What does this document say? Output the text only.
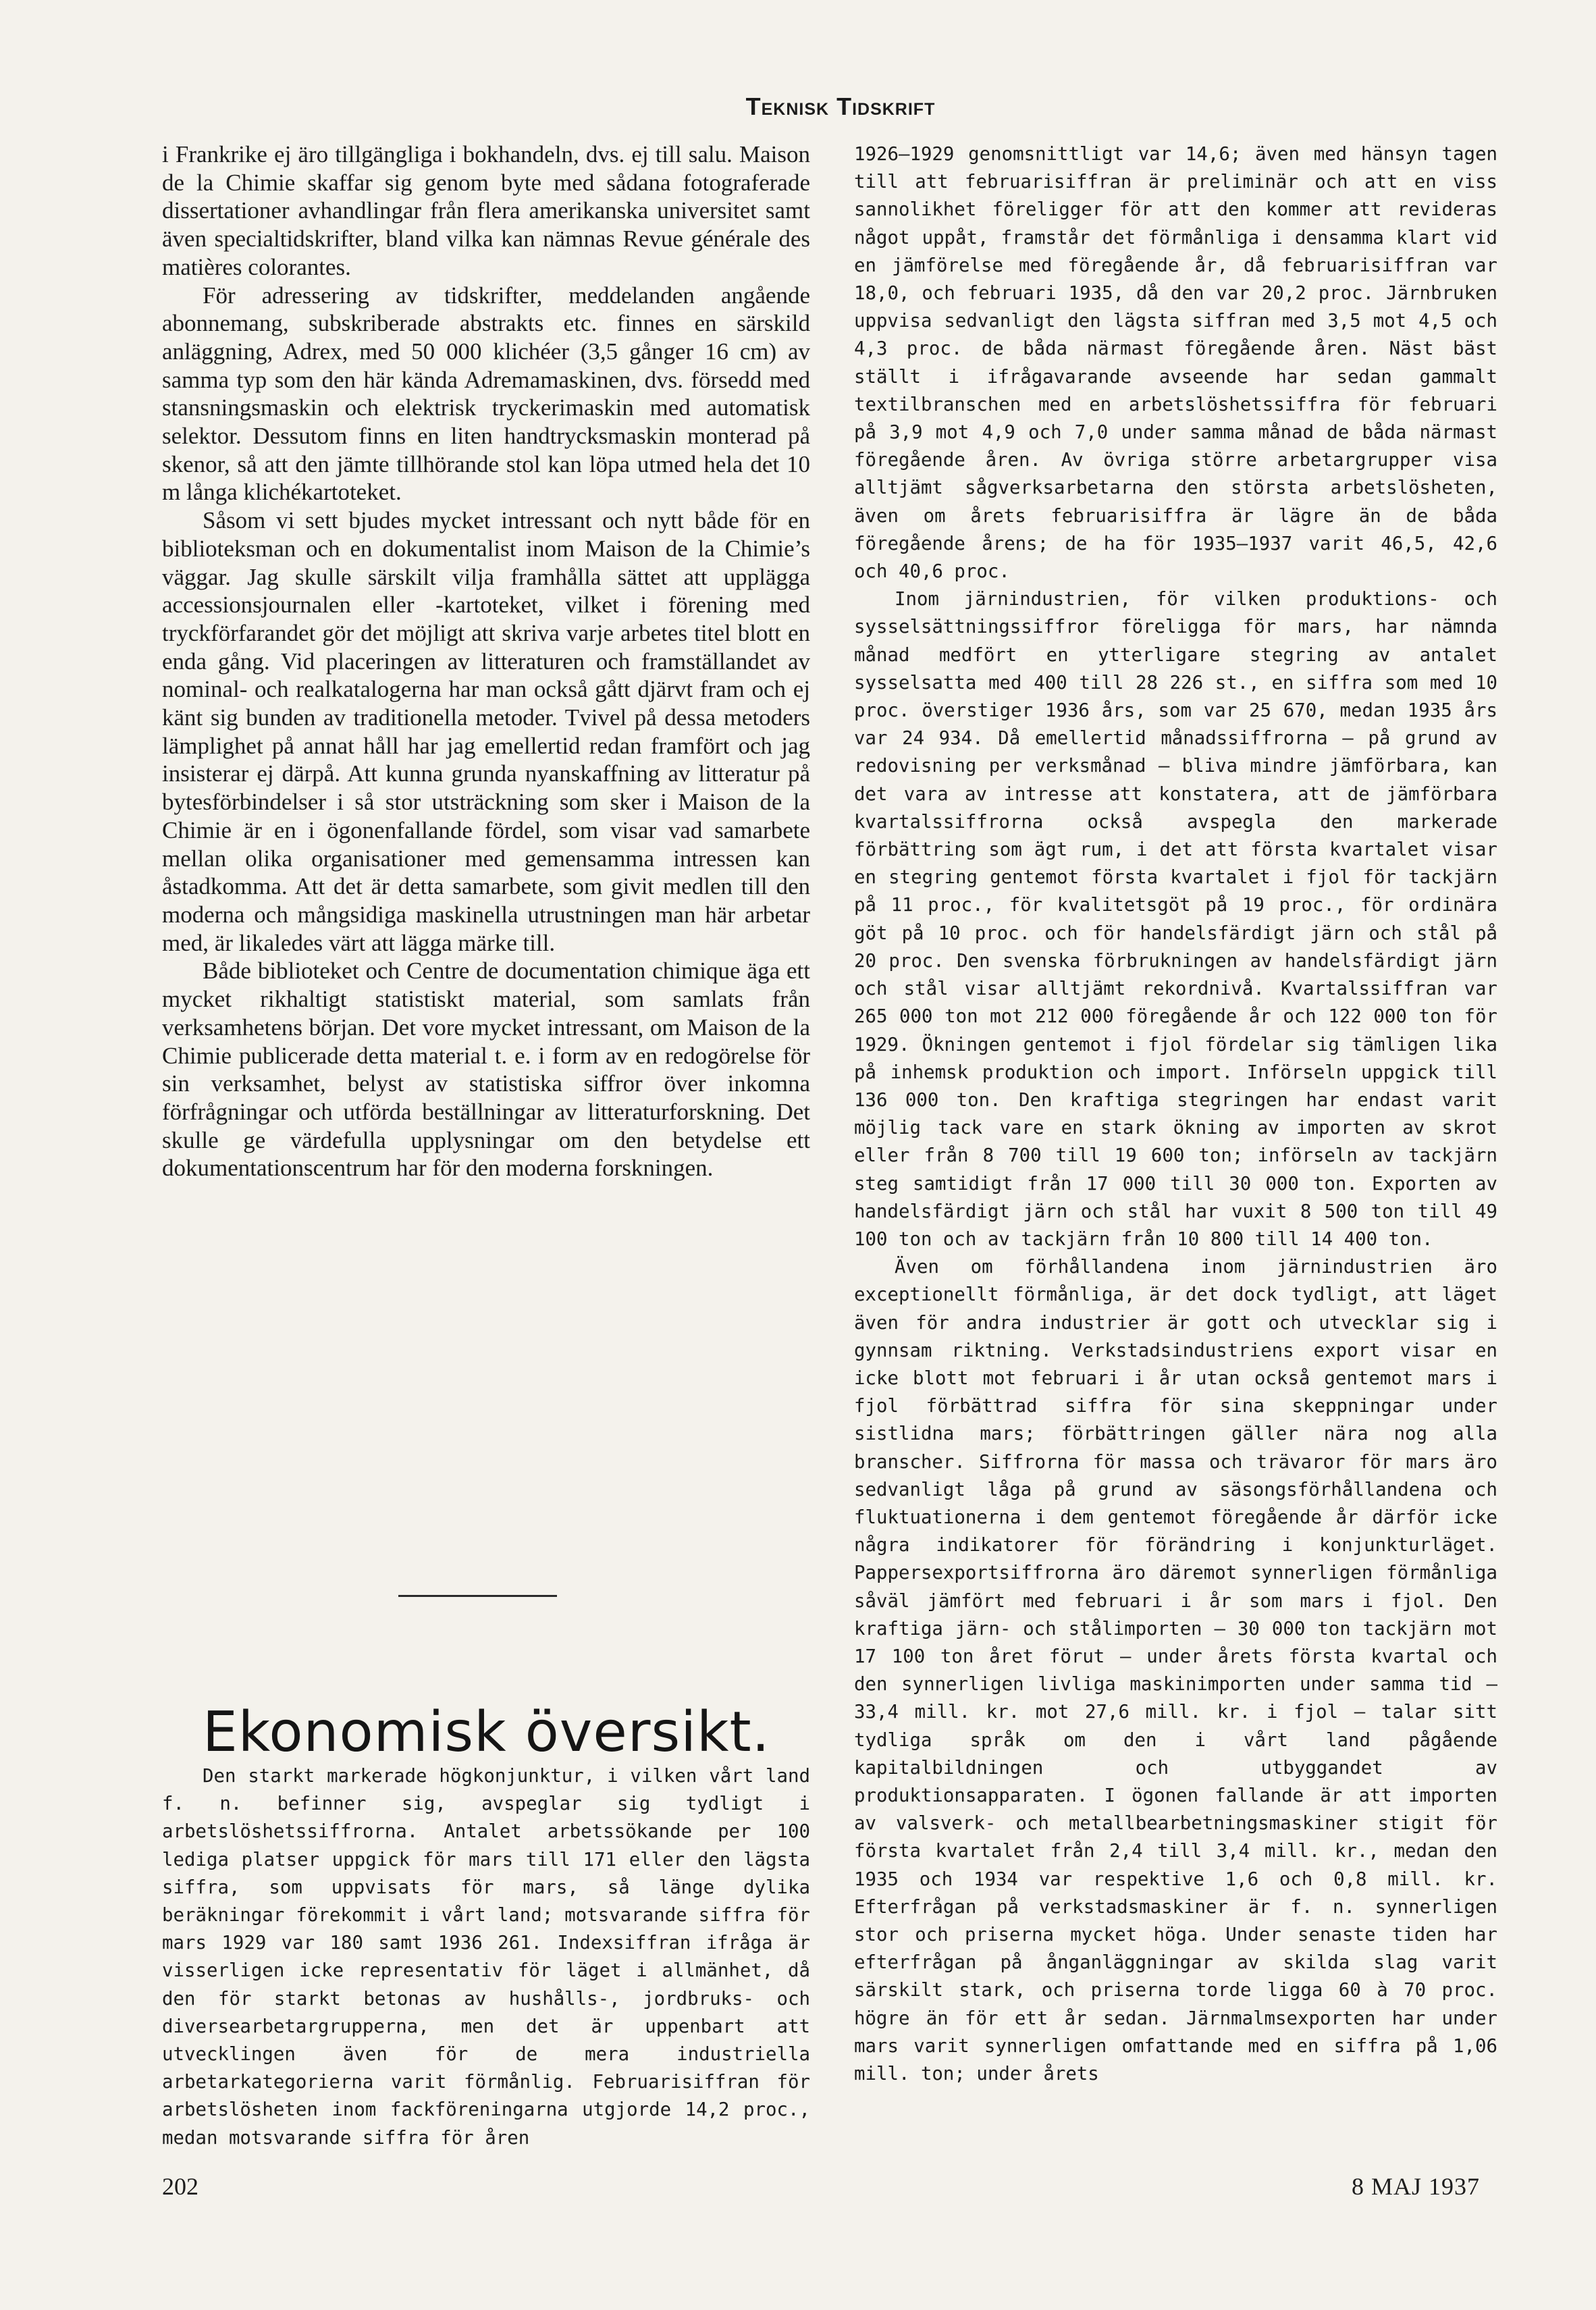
Teknisk Tidskrift

i Frankrike ej äro tillgängliga i bokhandeln, dvs. ej till salu. Maison de la Chimie skaffar sig genom byte med sådana fotograferade dissertationer avhandlingar från flera amerikanska universitet samt även specialtidskrifter, bland vilka kan nämnas Revue générale des matières colorantes.

För adressering av tidskrifter, meddelanden angående abonnemang, subskriberade abstrakts etc. finnes en särskild anläggning, Adrex, med 50 000 klichéer (3,5 gånger 16 cm) av samma typ som den här kända Adremamaskinen, dvs. försedd med stansningsmaskin och elektrisk tryckerimaskin med automatisk selektor. Dessutom finns en liten handtrycksmaskin monterad på skenor, så att den jämte tillhörande stol kan löpa utmed hela det 10 m långa klichékartoteket.

Såsom vi sett bjudes mycket intressant och nytt både för en biblioteksman och en dokumentalist inom Maison de la Chimie’s väggar. Jag skulle särskilt vilja framhålla sättet att upplägga accessionsjournalen eller -kartoteket, vilket i förening med tryckförfarandet gör det möjligt att skriva varje arbetes titel blott en enda gång. Vid placeringen av litteraturen och framställandet av nominal- och realkatalogerna har man också gått djärvt fram och ej känt sig bunden av traditionella metoder. Tvivel på dessa metoders lämplighet på annat håll har jag emellertid redan framfört och jag insisterar ej därpå. Att kunna grunda nyanskaffning av litteratur på bytesförbindelser i så stor utsträckning som sker i Maison de la Chimie är en i ögonenfallande fördel, som visar vad samarbete mellan olika organisationer med gemensamma intressen kan åstadkomma. Att det är detta samarbete, som givit medlen till den moderna och mångsidiga maskinella utrustningen man här arbetar med, är likaledes värt att lägga märke till.

Både biblioteket och Centre de documentation chimique äga ett mycket rikhaltigt statistiskt material, som samlats från verksamhetens början. Det vore mycket intressant, om Maison de la Chimie publicerade detta material t. e. i form av en redogörelse för sin verksamhet, belyst av statistiska siffror över inkomna förfrågningar och utförda beställningar av litteraturforskning. Det skulle ge värdefulla upplysningar om den betydelse ett dokumentationscentrum har för den moderna forskningen.

Ekonomisk översikt.

Den starkt markerade högkonjunktur, i vilken vårt land f. n. befinner sig, avspeglar sig tydligt i arbetslöshetssiffrorna. Antalet arbetssökande per 100 lediga platser uppgick för mars till 171 eller den lägsta siffra, som uppvisats för mars, så länge dylika beräkningar förekommit i vårt land; motsvarande siffra för mars 1929 var 180 samt 1936 261. Indexsiffran ifråga är visserligen icke representativ för läget i allmänhet, då den för starkt betonas av hushålls-, jordbruks- och diversearbetargrupperna, men det är uppenbart att utvecklingen även för de mera industriella arbetarkategorierna varit förmånlig. Februarisiffran för arbetslösheten inom fackföreningarna utgjorde 14,2 proc., medan motsvarande siffra för åren

1926—1929 genomsnittligt var 14,6; även med hänsyn tagen till att februarisiffran är preliminär och att en viss sannolikhet föreligger för att den kommer att revideras något uppåt, framstår det förmånliga i densamma klart vid en jämförelse med föregående år, då februarisiffran var 18,0, och februari 1935, då den var 20,2 proc. Järnbruken uppvisa sedvanligt den lägsta siffran med 3,5 mot 4,5 och 4,3 proc. de båda närmast föregående åren. Näst bäst ställt i ifrågavarande avseende har sedan gammalt textilbranschen med en arbetslöshetssiffra för februari på 3,9 mot 4,9 och 7,0 under samma månad de båda närmast föregående åren. Av övriga större arbetargrupper visa alltjämt sågverksarbetarna den största arbetslösheten, även om årets februarisiffra är lägre än de båda föregående årens; de ha för 1935—1937 varit 46,5, 42,6 och 40,6 proc.

Inom järnindustrien, för vilken produktions- och sysselsättningssiffror föreligga för mars, har nämnda månad medfört en ytterligare stegring av antalet sysselsatta med 400 till 28 226 st., en siffra som med 10 proc. överstiger 1936 års, som var 25 670, medan 1935 års var 24 934. Då emellertid månadssiffrorna — på grund av redovisning per verksmånad — bliva mindre jämförbara, kan det vara av intresse att konstatera, att de jämförbara kvartalssiffrorna också avspegla den markerade förbättring som ägt rum, i det att första kvartalet visar en stegring gentemot första kvartalet i fjol för tackjärn på 11 proc., för kvalitetsgöt på 19 proc., för ordinära göt på 10 proc. och för handelsfärdigt järn och stål på 20 proc. Den svenska förbrukningen av handelsfärdigt järn och stål visar alltjämt rekordnivå. Kvartalssiffran var 265 000 ton mot 212 000 föregående år och 122 000 ton för 1929. Ökningen gentemot i fjol fördelar sig tämligen lika på inhemsk produktion och import. Införseln uppgick till 136 000 ton. Den kraftiga stegringen har endast varit möjlig tack vare en stark ökning av importen av skrot eller från 8 700 till 19 600 ton; införseln av tackjärn steg samtidigt från 17 000 till 30 000 ton. Exporten av handelsfärdigt järn och stål har vuxit 8 500 ton till 49 100 ton och av tackjärn från 10 800 till 14 400 ton.

Även om förhållandena inom järnindustrien äro exceptionellt förmånliga, är det dock tydligt, att läget även för andra industrier är gott och utvecklar sig i gynnsam riktning. Verkstadsindustriens export visar en icke blott mot februari i år utan också gentemot mars i fjol förbättrad siffra för sina skeppningar under sistlidna mars; förbättringen gäller nära nog alla branscher. Siffrorna för massa och trävaror för mars äro sedvanligt låga på grund av säsongsförhållandena och fluktuationerna i dem gentemot föregående år därför icke några indikatorer för förändring i konjunkturläget. Pappersexportsiffrorna äro däremot synnerligen förmånliga såväl jämfört med februari i år som mars i fjol. Den kraftiga järn- och stålimporten — 30 000 ton tackjärn mot 17 100 ton året förut — under årets första kvartal och den synnerligen livliga maskinimporten under samma tid — 33,4 mill. kr. mot 27,6 mill. kr. i fjol — talar sitt tydliga språk om den i vårt land pågående kapitalbildningen och utbyggandet av produktionsapparaten. I ögonen fallande är att importen av valsverk- och metallbearbetningsmaskiner stigit för första kvartalet från 2,4 till 3,4 mill. kr., medan den 1935 och 1934 var respektive 1,6 och 0,8 mill. kr. Efterfrågan på verkstadsmaskiner är f. n. synnerligen stor och priserna mycket höga. Under senaste tiden har efterfrågan på ånganläggningar av skilda slag varit särskilt stark, och priserna torde ligga 60 à 70 proc. högre än för ett år sedan. Järnmalmsexporten har under mars varit synnerligen omfattande med en siffra på 1,06 mill. ton; under årets

202	8 MAJ 1937
